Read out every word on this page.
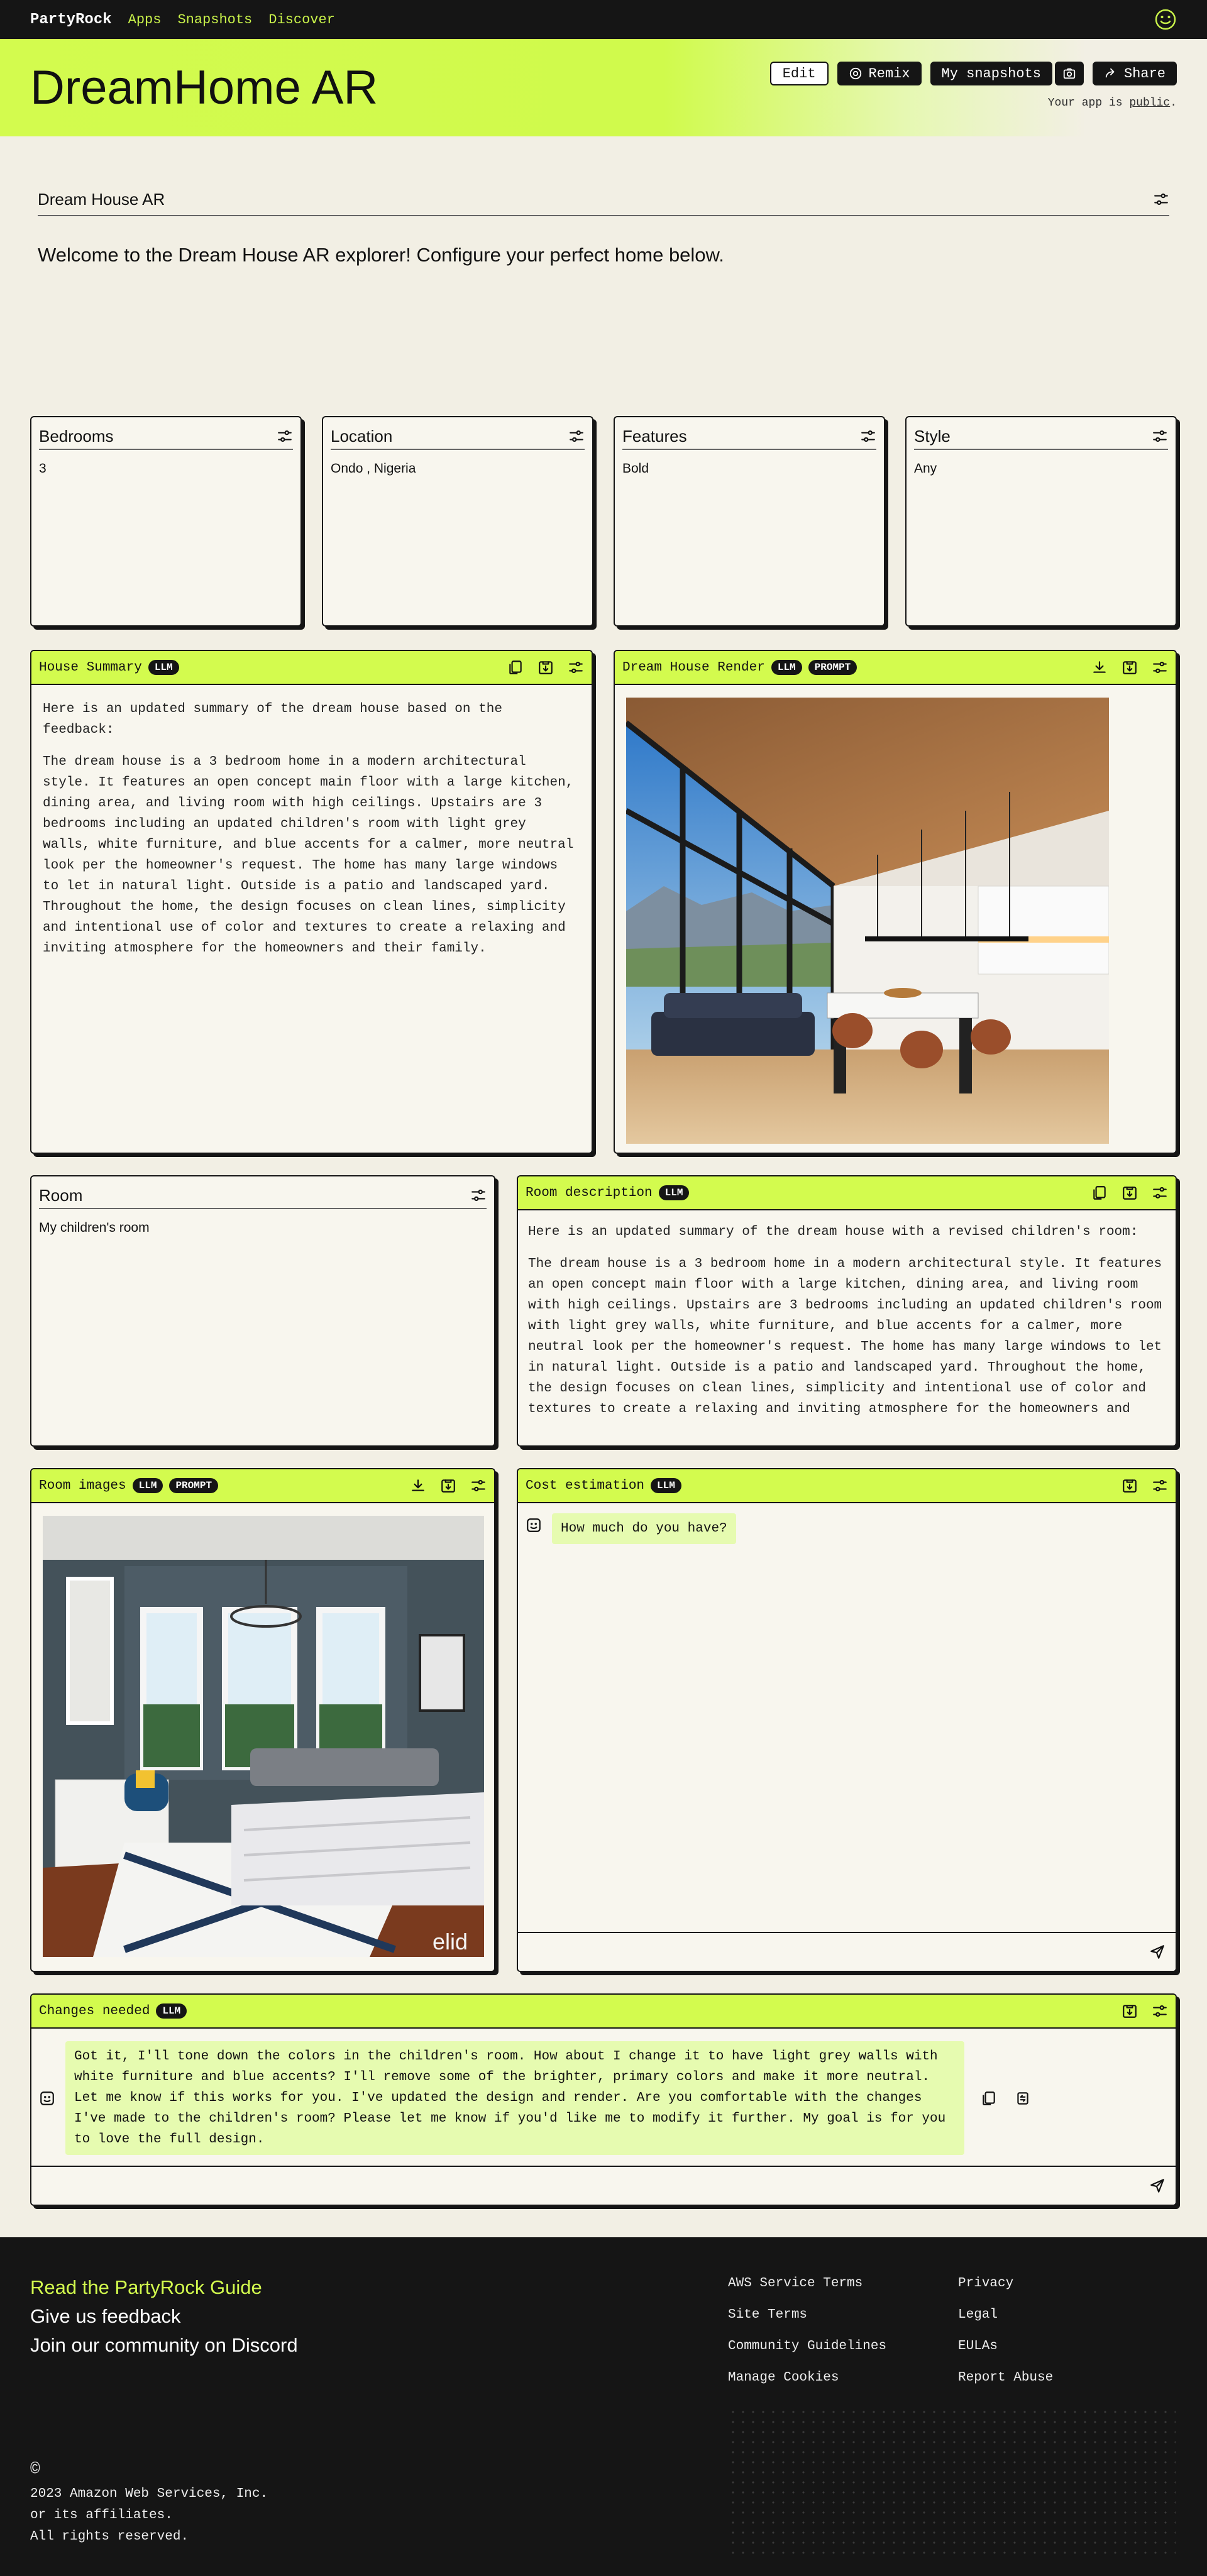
PartyRock Apps Snapshots Discover
DreamHome AR	Edit	Remix	My snapshots	Share
Your app is public.
Dream House AR
Welcome to the Dream House AR explorer! Configure your perfect home below.
Bedrooms
3
Location
Ondo , Nigeria
Features
Bold
Style
Any
House Summary	LLM

Here is an updated summary of the dream house based on the feedback:

The dream house is a 3 bedroom home in a modern architectural style. It features an open concept main floor with a large kitchen, dining area, and living room with high ceilings. Upstairs are 3 bedrooms including an updated children's room with light grey walls, white furniture, and blue accents for a calmer, more neutral look per the homeowner's request. The home has many large windows to let in natural light. Outside is a patio and landscaped yard. Throughout the home, the design focuses on clean lines, simplicity and intentional use of color and textures to create a relaxing and inviting atmosphere for the homeowners and their family.

Dream House Render	LLM	PROMPT
Room
My children's room
Room description	LLM

Here is an updated summary of the dream house with a revised children's room:

The dream house is a 3 bedroom home in a modern architectural style. It features an open concept main floor with a large kitchen, dining area, and living room with high ceilings. Upstairs are 3 bedrooms including an updated children's room with light grey walls, white furniture, and blue accents for a calmer, more neutral look per the homeowner's request. The home has many large windows to let in natural light. Outside is a patio and landscaped yard. Throughout the home, the design focuses on clean lines, simplicity and intentional use of color and textures to create a relaxing and inviting atmosphere for the homeowners and

Room images	LLM	PROMPT
elid
Cost estimation	LLM
How much do you have?
Changes needed	LLM
Got it, I'll tone down the colors in the children's room. How about I change it to have light grey walls with white furniture and blue accents? I'll remove some of the brighter, primary colors and make it more neutral. Let me know if this works for you. I've updated the design and render. Are you comfortable with the changes I've made to the children's room? Please let me know if you'd like me to modify it further. My goal is for you to love the full design.
Read the PartyRock Guide
Give us feedback
Join our community on Discord
AWS Service Terms
Site Terms
Community Guidelines
Manage Cookies
Privacy
Legal
EULAs
Report Abuse
©
2023 Amazon Web Services, Inc.
or its affiliates.
All rights reserved.
